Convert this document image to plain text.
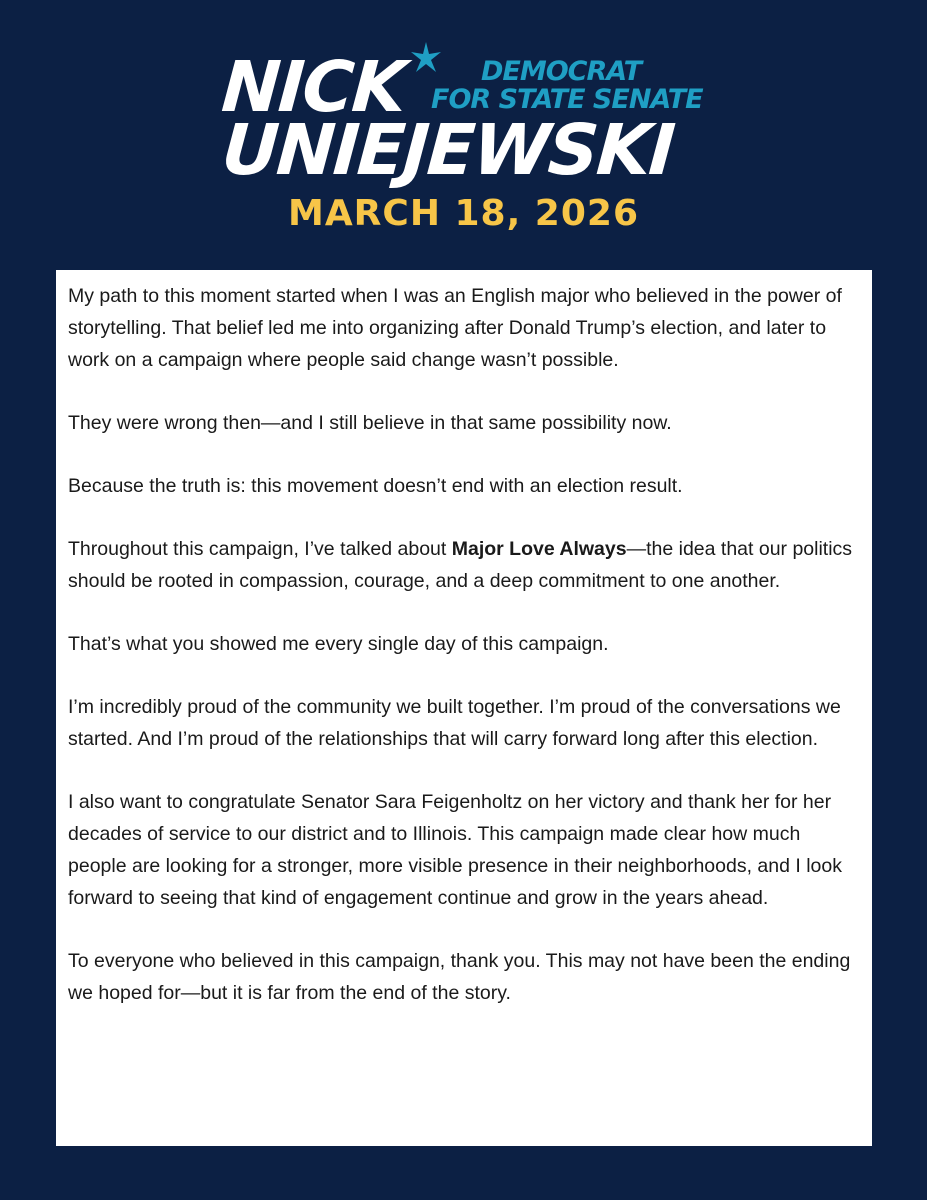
NICK	DEMOCRAT
FOR STATE SENATE
UNIEJEWSKI
MARCH 18, 2026

My path to this moment started when I was an English major who believed in the power of storytelling. That belief led me into organizing after Donald Trump’s election, and later to work on a campaign where people said change wasn’t possible.

They were wrong then—and I still believe in that same possibility now.

Because the truth is: this movement doesn’t end with an election result.

Throughout this campaign, I’ve talked about Major Love Always—the idea that our politics should be rooted in compassion, courage, and a deep commitment to one another.

That’s what you showed me every single day of this campaign.

I’m incredibly proud of the community we built together. I’m proud of the conversations we started. And I’m proud of the relationships that will carry forward long after this election.

I also want to congratulate Senator Sara Feigenholtz on her victory and thank her for her decades of service to our district and to Illinois. This campaign made clear how much people are looking for a stronger, more visible presence in their neighborhoods, and I look forward to seeing that kind of engagement continue and grow in the years ahead.

To everyone who believed in this campaign, thank you. This may not have been the ending we hoped for—but it is far from the end of the story.
